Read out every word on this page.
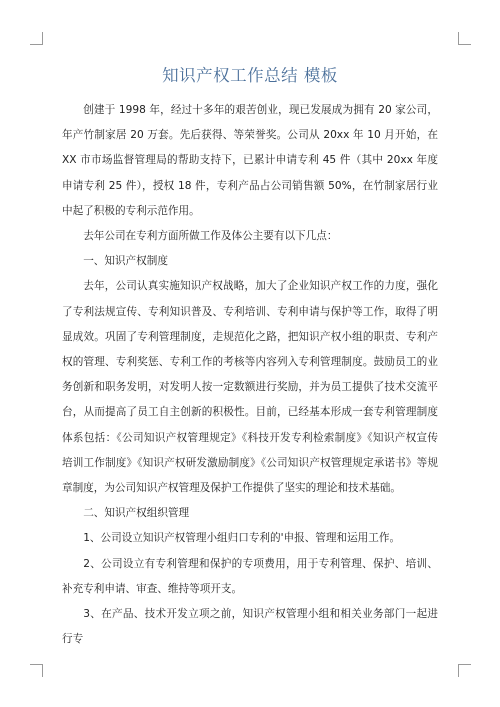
知识产权工作总结 模板

创建于 1998 年，经过十多年的艰苦创业，现已发展成为拥有 20 家公司，年产竹制家居 20 万套。先后获得、等荣誉奖。公司从 20xx 年 10 月开始，在 XX 市市场监督管理局的帮助支持下，已累计申请专利 45 件（其中 20xx 年度申请专利 25 件），授权 18 件，专利产品占公司销售额 50%，在竹制家居行业中起了积极的专利示范作用。

去年公司在专利方面所做工作及体公主要有以下几点：

一、知识产权制度

去年，公司认真实施知识产权战略，加大了企业知识产权工作的力度，强化了专利法规宣传、专利知识普及、专利培训、专利申请与保护等工作，取得了明显成效。巩固了专利管理制度，走规范化之路，把知识产权小组的职责、专利产权的管理、专利奖惩、专利工作的考核等内容列入专利管理制度。鼓励员工的业务创新和职务发明，对发明人按一定数额进行奖励，并为员工提供了技术交流平台，从而提高了员工自主创新的积极性。目前，已经基本形成一套专利管理制度体系包括：《公司知识产权管理规定》《科技开发专利检索制度》《知识产权宣传培训工作制度》《知识产权研发激励制度》《公司知识产权管理规定承诺书》等规章制度，为公司知识产权管理及保护工作提供了坚实的理论和技术基础。

二、知识产权组织管理

1、公司设立知识产权管理小组归口专利的'申报、管理和运用工作。

2、公司设立有专利管理和保护的专项费用，用于专利管理、保护、培训、补充专利申请、审查、维持等项开支。

3、在产品、技术开发立项之前，知识产权管理小组和相关业务部门一起进行专
